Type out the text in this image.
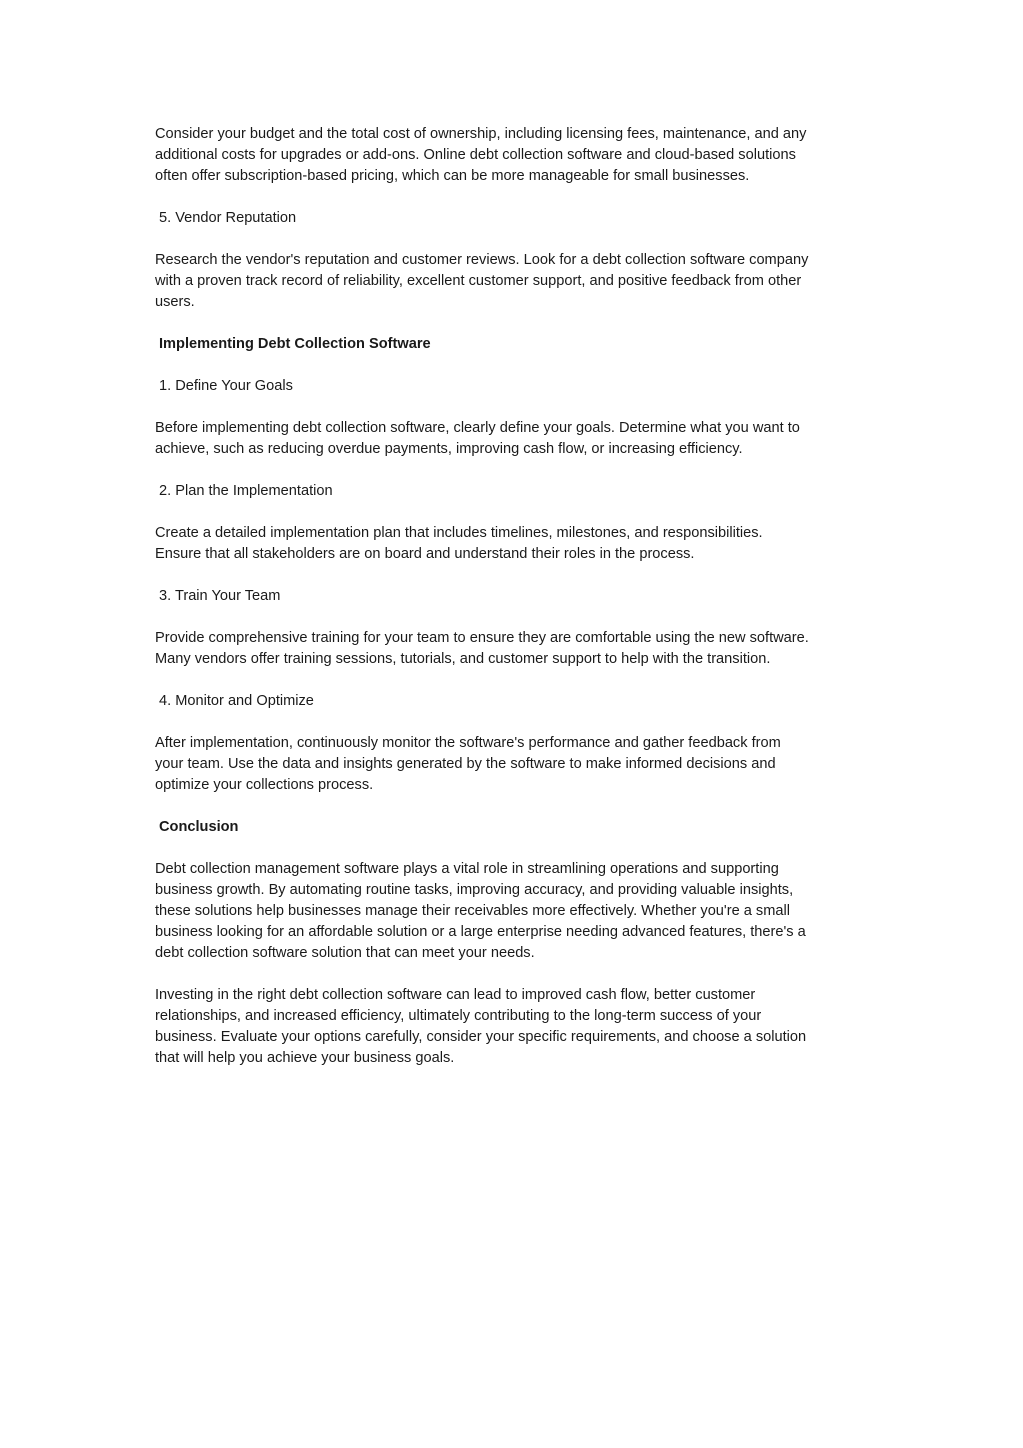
Consider your budget and the total cost of ownership, including licensing fees, maintenance, and any
additional costs for upgrades or add-ons. Online debt collection software and cloud-based solutions
often offer subscription-based pricing, which can be more manageable for small businesses.

5. Vendor Reputation

Research the vendor's reputation and customer reviews. Look for a debt collection software company
with a proven track record of reliability, excellent customer support, and positive feedback from other
users.

Implementing Debt Collection Software

1. Define Your Goals

Before implementing debt collection software, clearly define your goals. Determine what you want to
achieve, such as reducing overdue payments, improving cash flow, or increasing efficiency.

2. Plan the Implementation

Create a detailed implementation plan that includes timelines, milestones, and responsibilities.
Ensure that all stakeholders are on board and understand their roles in the process.

3. Train Your Team

Provide comprehensive training for your team to ensure they are comfortable using the new software.
Many vendors offer training sessions, tutorials, and customer support to help with the transition.

4. Monitor and Optimize

After implementation, continuously monitor the software's performance and gather feedback from
your team. Use the data and insights generated by the software to make informed decisions and
optimize your collections process.

Conclusion

Debt collection management software plays a vital role in streamlining operations and supporting
business growth. By automating routine tasks, improving accuracy, and providing valuable insights,
these solutions help businesses manage their receivables more effectively. Whether you're a small
business looking for an affordable solution or a large enterprise needing advanced features, there's a
debt collection software solution that can meet your needs.

Investing in the right debt collection software can lead to improved cash flow, better customer
relationships, and increased efficiency, ultimately contributing to the long-term success of your
business. Evaluate your options carefully, consider your specific requirements, and choose a solution
that will help you achieve your business goals.
